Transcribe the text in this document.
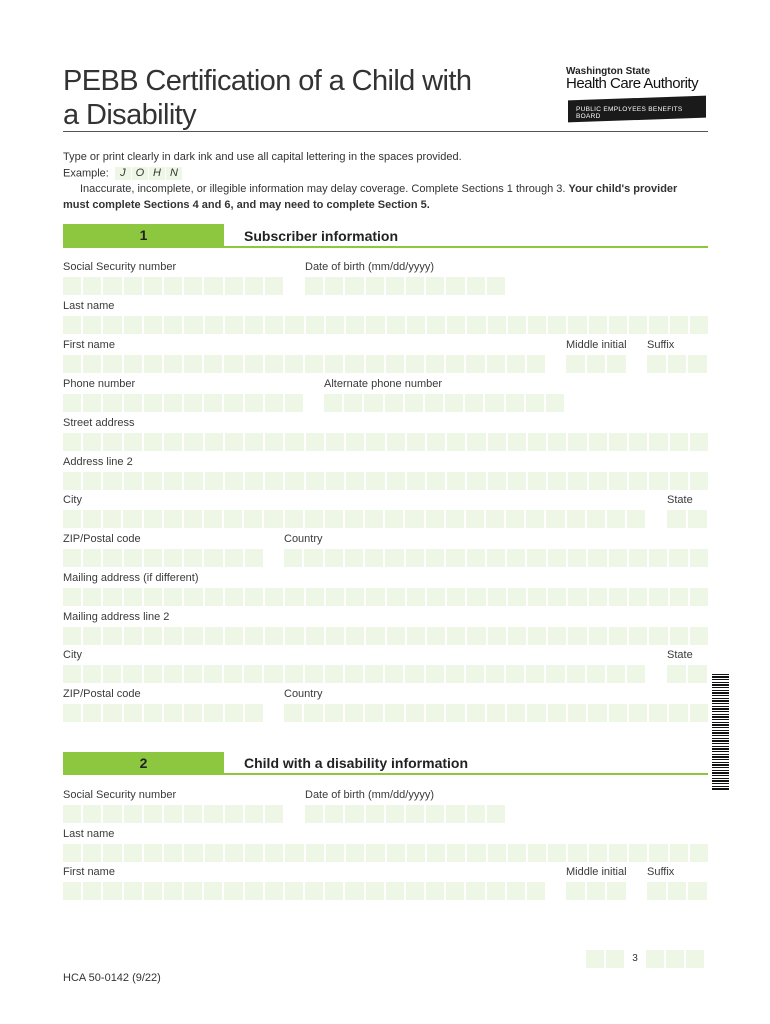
PEBB Certification of a Child with
a Disability
Washington State
Health Care Authority
PUBLIC EMPLOYEES BENEFITS BOARD
Type or print clearly in dark ink and use all capital lettering in the spaces provided.
Example: J O H N
Inaccurate, incomplete, or illegible information may delay coverage. Complete Sections 1 through 3. Your child's provider
must complete Sections 4 and 6, and may need to complete Section 5.
1	Subscriber information
Social Security number	Date of birth (mm/dd/yyyy)
Last name
First name	Middle initial Suffix
Phone number	Alternate phone number
Street address
Address line 2
City	State
ZIP/Postal code	Country
Mailing address (if different)
Mailing address line 2
City	State
ZIP/Postal code	Country
2	Child with a disability information
Social Security number	Date of birth (mm/dd/yyyy)
Last name
First name	Middle initial Suffix
3
HCA 50-0142 (9/22)
